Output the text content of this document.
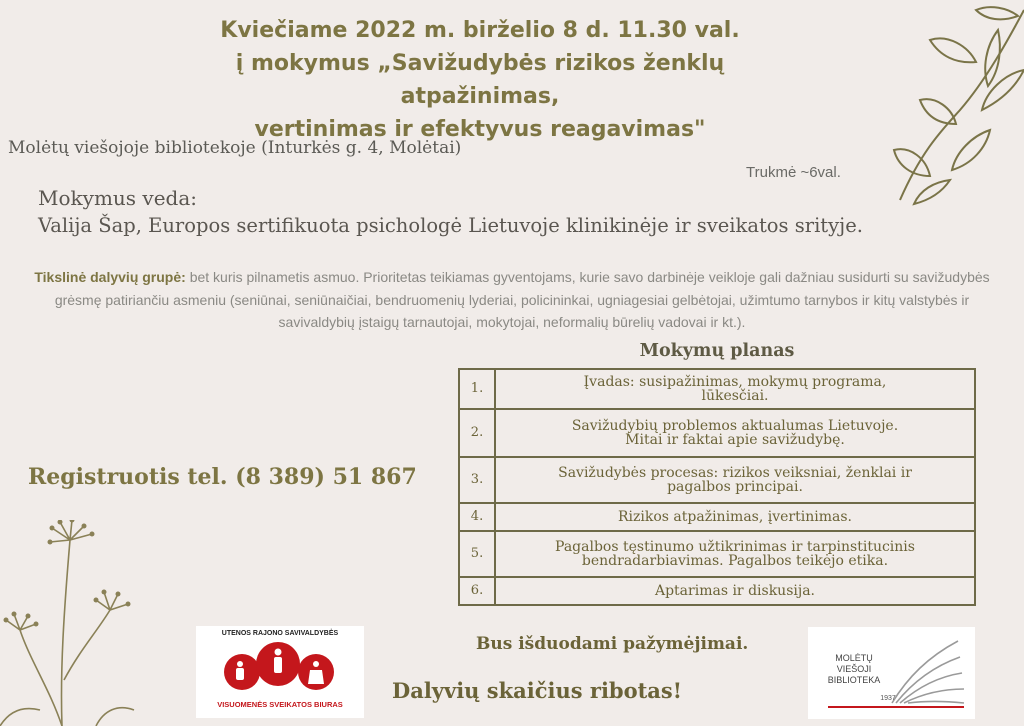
Kviečiame 2022 m. birželio 8 d. 11.30 val.
į mokymus „Savižudybės rizikos ženklų atpažinimas,
vertinimas ir efektyvus reagavimas"
Molėtų viešojoje bibliotekoje (Inturkės g. 4, Molėtai)
Trukmė ~6val.
Mokymus veda:
Valija Šap, Europos sertifikuota psichologė Lietuvoje klinikinėje ir sveikatos srityje.
Tikslinė dalyvių grupė: bet kuris pilnametis asmuo. Prioritetas teikiamas gyventojams, kurie savo darbinėje veikloje gali dažniau susidurti su savižudybės grėsmę patiriančiu asmeniu (seniūnai, seniūnaičiai, bendruomenių lyderiai, policininkai, ugniagesiai gelbėtojai, užimtumo tarnybos ir kitų valstybės ir savivaldybių įstaigų tarnautojai, mokytojai, neformalių būrelių vadovai ir kt.).
Mokymų planas
1.	Įvadas: susipažinimas, mokymų programa,
lūkesčiai.

2.	Savižudybių problemos aktualumas Lietuvoje.
Mitai ir faktai apie savižudybę.

3.	Savižudybės procesas: rizikos veiksniai, ženklai ir
pagalbos principai.

4.	Rizikos atpažinimas, įvertinimas.

5.	Pagalbos tęstinumo užtikrinimas ir tarpinstitucinis
bendradarbiavimas. Pagalbos teikėjo etika.

6.	Aptarimas ir diskusija.
Registruotis tel. (8 389) 51 867
UTENOS RAJONO SAVIVALDYBĖS
VISUOMENĖS SVEIKATOS BIURAS
Bus išduodami pažymėjimai.
Dalyvių skaičius ribotas!
MOLĖTŲ
VIEŠOJI
BIBLIOTEKA
1937
